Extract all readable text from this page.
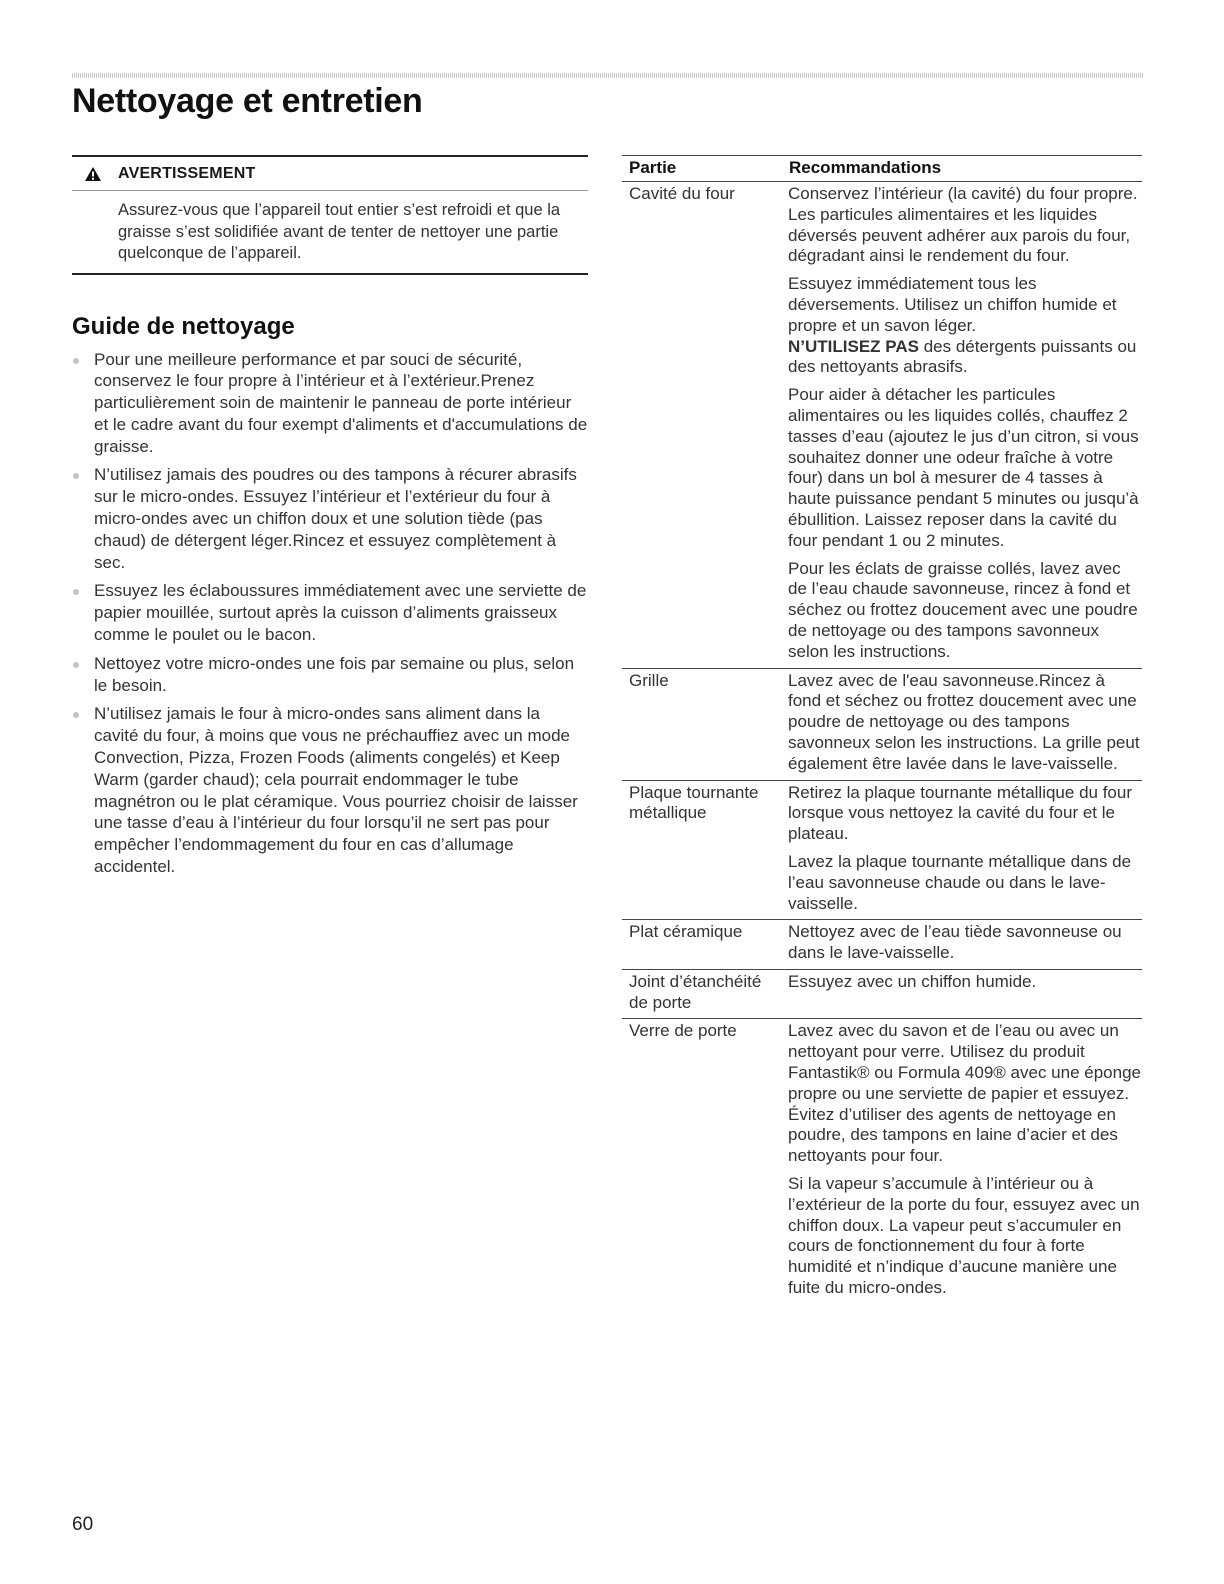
Nettoyage et entretien
AVERTISSEMENT

Assurez-vous que l’appareil tout entier s’est refroidi et que la graisse s’est solidifiée avant de tenter de nettoyer une partie quelconque de l’appareil.

Guide de nettoyage
Pour une meilleure performance et par souci de sécurité, conservez le four propre à l’intérieur et à l’extérieur.Prenez particulièrement soin de maintenir le panneau de porte intérieur et le cadre avant du four exempt d'aliments et d'accumulations de graisse.
N’utilisez jamais des poudres ou des tampons à récurer abrasifs sur le micro-ondes. Essuyez l’intérieur et l’extérieur du four à micro-ondes avec un chiffon doux et une solution tiède (pas chaud) de détergent léger.Rincez et essuyez complètement à sec.
Essuyez les éclaboussures immédiatement avec une serviette de papier mouillée, surtout après la cuisson d’aliments graisseux comme le poulet ou le bacon.
Nettoyez votre micro-ondes une fois par semaine ou plus, selon le besoin.
N’utilisez jamais le four à micro-ondes sans aliment dans la cavité du four, à moins que vous ne préchauffiez avec un mode Convection, Pizza, Frozen Foods (aliments congelés) et Keep Warm (garder chaud); cela pourrait endommager le tube magnétron ou le plat céramique. Vous pourriez choisir de laisser une tasse d’eau à l’intérieur du four lorsqu’il ne sert pas pour empêcher l’endommagement du four en cas d’allumage accidentel.
Partie	Recommandations
Cavité du four	Conservez l’intérieur (la cavité) du four propre. Les particules alimentaires et les liquides déversés peuvent adhérer aux parois du four, dégradant ainsi le rendement du four.

Essuyez immédiatement tous les déversements. Utilisez un chiffon humide et propre et un savon léger.
N’UTILISEZ PAS des détergents puissants ou des nettoyants abrasifs.

Pour aider à détacher les particules alimentaires ou les liquides collés, chauffez 2 tasses d’eau (ajoutez le jus d’un citron, si vous souhaitez donner une odeur fraîche à votre four) dans un bol à mesurer de 4 tasses à haute puissance pendant 5 minutes ou jusqu’à ébullition. Laissez reposer dans la cavité du four pendant 1 ou 2 minutes.

Pour les éclats de graisse collés, lavez avec de l’eau chaude savonneuse, rincez à fond et séchez ou frottez doucement avec une poudre de nettoyage ou des tampons savonneux selon les instructions.

Grille	Lavez avec de l'eau savonneuse.Rincez à fond et séchez ou frottez doucement avec une poudre de nettoyage ou des tampons savonneux selon les instructions. La grille peut également être lavée dans le lave-vaisselle.

Plaque tournante métallique	Retirez la plaque tournante métallique du four lorsque vous nettoyez la cavité du four et le plateau.

Lavez la plaque tournante métallique dans de l’eau savonneuse chaude ou dans le lave-vaisselle.

Plat céramique	Nettoyez avec de l’eau tiède savonneuse ou dans le lave-vaisselle.

Joint d’étanchéité de porte	Essuyez avec un chiffon humide.

Verre de porte	Lavez avec du savon et de l’eau ou avec un nettoyant pour verre. Utilisez du produit Fantastik® ou Formula 409® avec une éponge propre ou une serviette de papier et essuyez. Évitez d’utiliser des agents de nettoyage en poudre, des tampons en laine d’acier et des nettoyants pour four.

Si la vapeur s’accumule à l’intérieur ou à l’extérieur de la porte du four, essuyez avec un chiffon doux. La vapeur peut s’accumuler en cours de fonctionnement du four à forte humidité et n’indique d’aucune manière une fuite du micro-ondes.

60
